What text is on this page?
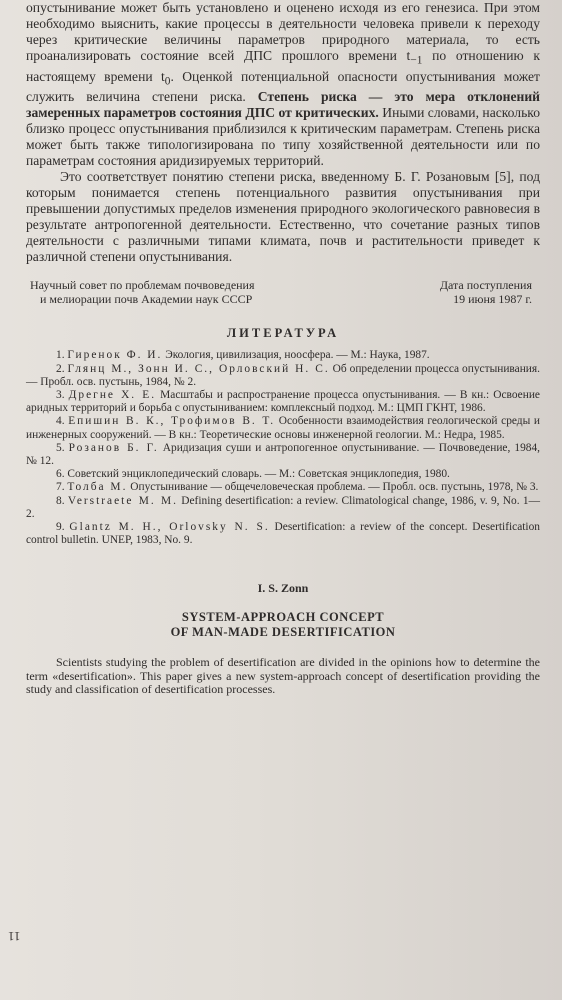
опустынивание может быть установлено и оценено исходя из его генезиса. При этом необходимо выяснить, какие процессы в деятельности человека привели к переходу через критические величины параметров природного материала, то есть проанализировать состояние всей ДПС прошлого времени $t_{-1}$ по отношению к настоящему времени $t_0$. Оценкой потенциальной опасности опустынивания может служить величина степени риска. Степень риска — это мера отклонений замеренных параметров состояния ДПС от критических. Иными словами, насколько близко процесс опустынивания приблизился к критическим параметрам. Степень риска может быть также типологизирована по типу хозяйственной деятельности или по параметрам состояния аридизируемых территорий.

Это соответствует понятию степени риска, введенному Б. Г. Розановым [5], под которым понимается степень потенциального развития опустынивания при превышении допустимых пределов изменения природного экологического равновесия в результате антропогенной деятельности. Естественно, что сочетание разных типов деятельности с различными типами климата, почв и растительности приведет к различной степени опустынивания.

Научный совет по проблемам почвоведения
и мелиорации почв Академии наук СССР
Дата поступления
19 июня 1987 г.
ЛИТЕРАТУРА

1. Гиренок Ф. И. Экология, цивилизация, ноосфера. — М.: Наука, 1987.

2. Глянц М., Зонн И. С., Орловский Н. С. Об определении процесса опустынивания. — Пробл. осв. пустынь, 1984, № 2.

3. Дрегне Х. Е. Масштабы и распространение процесса опустынивания. — В кн.: Освоение аридных территорий и борьба с опустыниванием: комплексный подход. М.: ЦМП ГКНТ, 1986.

4. Епишин В. К., Трофимов В. Т. Особенности взаимодействия геологической среды и инженерных сооружений. — В кн.: Теоретические основы инженерной геологии. М.: Недра, 1985.

5. Розанов Б. Г. Аридизация суши и антропогенное опустынивание. — Почвоведение, 1984, № 12.

6. Советский энциклопедический словарь. — М.: Советская энциклопедия, 1980.

7. Толба М. Опустынивание — общечеловеческая проблема. — Пробл. осв. пустынь, 1978, № 3.

8. Verstraete M. M. Defining desertification: a review. Climatological change, 1986, v. 9, No. 1—2.

9. Glantz M. H., Orlovsky N. S. Desertification: a review of the concept. Desertification control bulletin. UNEP, 1983, No. 9.

I. S. Zonn
SYSTEM-APPROACH CONCEPT
OF MAN-MADE DESERTIFICATION

Scientists studying the problem of desertification are divided in the opinions how to determine the term «desertification». This paper gives a new system-approach concept of desertification providing the study and classification of desertification processes.

11
